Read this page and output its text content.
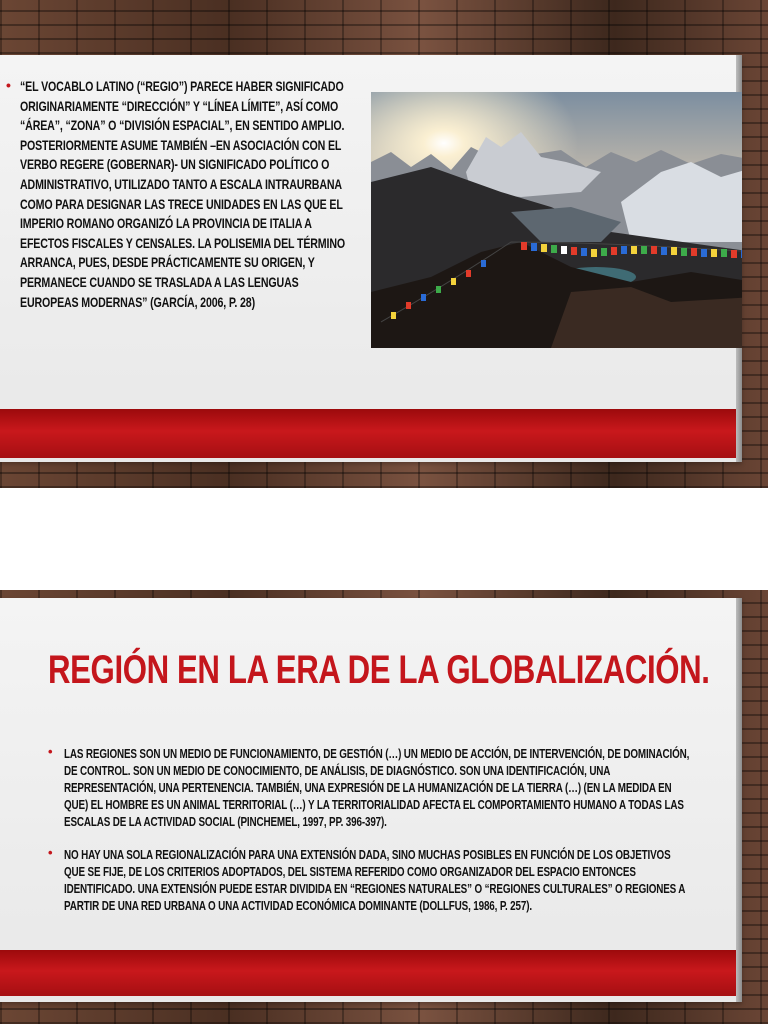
• “EL VOCABLO LATINO (“REGIO”) PARECE HABER SIGNIFICADO ORIGINARIAMENTE “DIRECCIÓN” Y “LÍNEA LÍMITE”, ASÍ COMO “ÁREA”, “ZONA” O “DIVISIÓN ESPACIAL”, EN SENTIDO AMPLIO. POSTERIORMENTE ASUME TAMBIÉN –EN ASOCIACIÓN CON EL VERBO REGERE (GOBERNAR)- UN SIGNIFICADO POLÍTICO O ADMINISTRATIVO, UTILIZADO TANTO A ESCALA INTRAURBANA COMO PARA DESIGNAR LAS TRECE UNIDADES EN LAS QUE EL IMPERIO ROMANO ORGANIZÓ LA PROVINCIA DE ITALIA A EFECTOS FISCALES Y CENSALES. LA POLISEMIA DEL TÉRMINO ARRANCA, PUES, DESDE PRÁCTICAMENTE SU ORIGEN, Y PERMANECE CUANDO SE TRASLADA A LAS LENGUAS EUROPEAS MODERNAS” (GARCÍA, 2006, P. 28)
REGIÓN EN LA ERA DE LA GLOBALIZACIÓN.
• LAS REGIONES SON UN MEDIO DE FUNCIONAMIENTO, DE GESTIÓN (…) UN MEDIO DE ACCIÓN, DE INTERVENCIÓN, DE DOMINACIÓN, DE CONTROL. SON UN MEDIO DE CONOCIMIENTO, DE ANÁLISIS, DE DIAGNÓSTICO. SON UNA IDENTIFICACIÓN, UNA REPRESENTACIÓN, UNA PERTENENCIA. TAMBIÉN, UNA EXPRESIÓN DE LA HUMANIZACIÓN DE LA TIERRA (…) (EN LA MEDIDA EN QUE) EL HOMBRE ES UN ANIMAL TERRITORIAL (…) Y LA TERRITORIALIDAD AFECTA EL COMPORTAMIENTO HUMANO A TODAS LAS ESCALAS DE LA ACTIVIDAD SOCIAL (PINCHEMEL, 1997, PP. 396-397).
• NO HAY UNA SOLA REGIONALIZACIÓN PARA UNA EXTENSIÓN DADA, SINO MUCHAS POSIBLES EN FUNCIÓN DE LOS OBJETIVOS QUE SE FIJE, DE LOS CRITERIOS ADOPTADOS, DEL SISTEMA REFERIDO COMO ORGANIZADOR DEL ESPACIO ENTONCES IDENTIFICADO. UNA EXTENSIÓN PUEDE ESTAR DIVIDIDA EN “REGIONES NATURALES” O “REGIONES CULTURALES” O REGIONES A PARTIR DE UNA RED URBANA O UNA ACTIVIDAD ECONÓMICA DOMINANTE (DOLLFUS, 1986, P. 257).
